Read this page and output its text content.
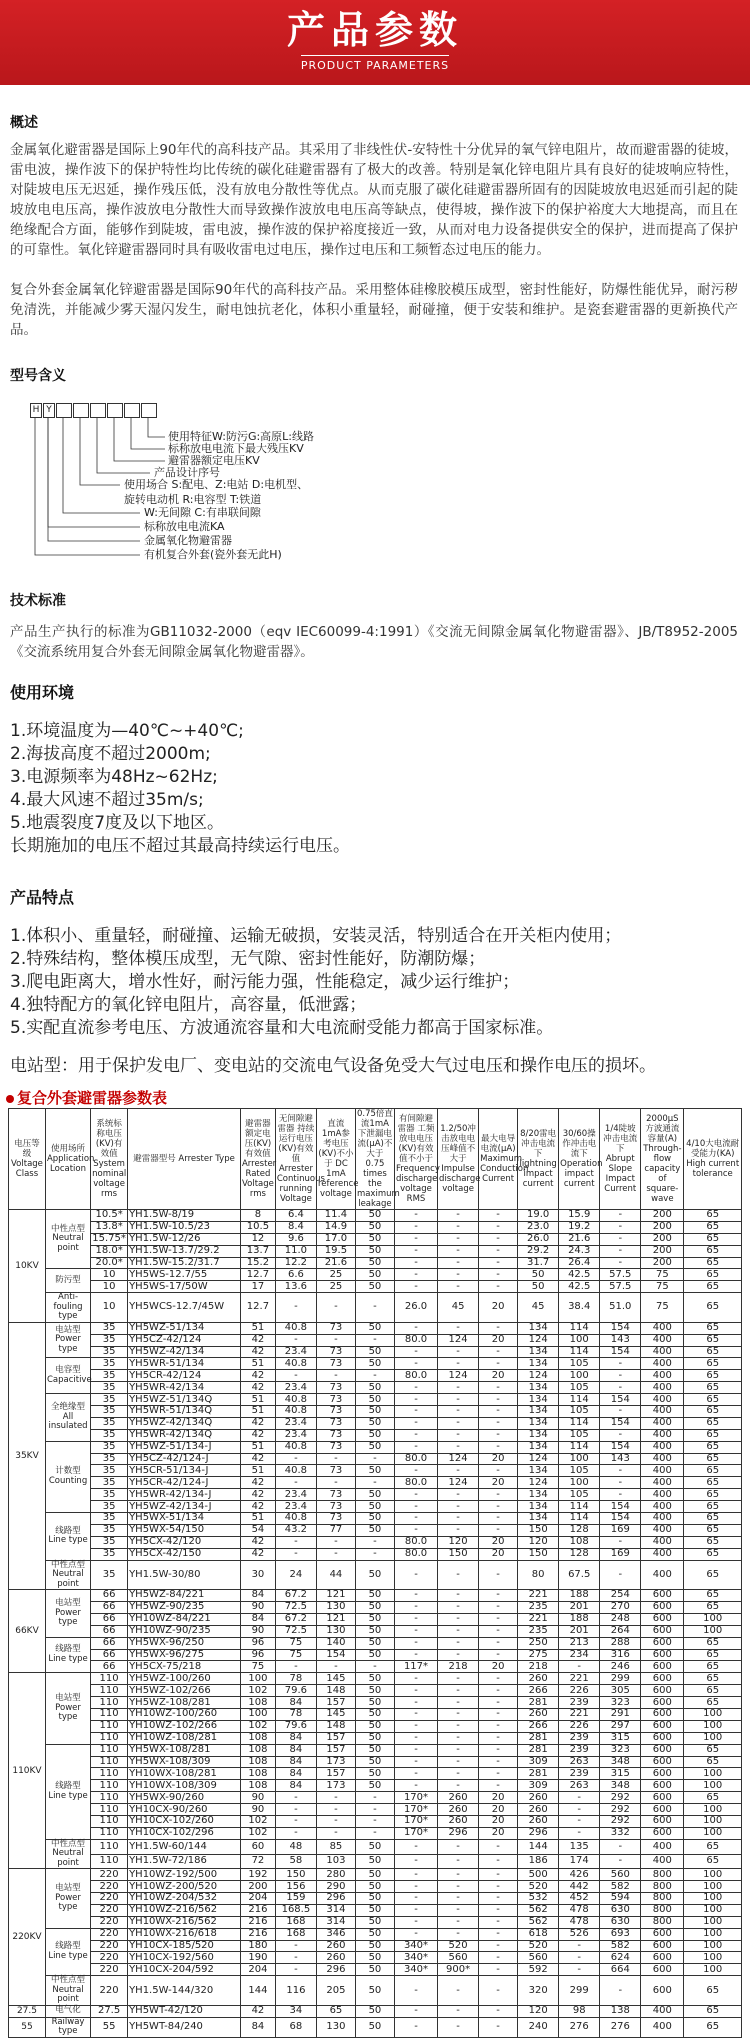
产品参数
PRODUCT PARAMETERS
概述
金属氧化避雷器是国际上90年代的高科技产品。其采用了非线性伏-安特性十分优异的氧气锌电阻片，故而避雷器的徒坡，雷电波，操作波下的保护特性均比传统的碳化硅避雷器有了极大的改善。特别是氧化锌电阻片具有良好的徒坡响应特性，对陡坡电压无迟延，操作残压低，没有放电分散性等优点。从而克服了碳化硅避雷器所固有的因陡坡放电迟延而引起的陡坡放电电压高，操作波放电分散性大而导致操作波放电电压高等缺点，使得坡，操作波下的保护裕度大大地提高，而且在绝缘配合方面，能够作到陡坡，雷电波，操作波的保护裕度接近一致，从而对电力设备提供安全的保护，进而提高了保护的可靠性。氧化锌避雷器同时具有吸收雷电过电压，操作过电压和工频暂态过电压的能力。
复合外套金属氧化锌避雷器是国际90年代的高科技产品。采用整体硅橡胶模压成型，密封性能好，防爆性能优异，耐污秽免清洗，并能减少雾天湿闪发生，耐电蚀抗老化，体积小重量轻，耐碰撞，便于安装和维护。是瓷套避雷器的更新换代产品。
型号含义
H Y
使用特征W:防污G:高原L:线路
标称放电电流下最大残压KV
避雷器额定电压KV
产品设计序号
使用场合 S:配电、Z:电站 D:电机型、
旋转电动机 R:电容型 T:铁道
W:无间隙 C:有串联间隙
标称放电电流KA
金属氧化物避雷器
有机复合外套(瓷外套无此H)
技术标准
产品生产执行的标准为GB11032-2000（eqv IEC60099-4:1991）《交流无间隙金属氧化物避雷器》、JB/T8952-2005《交流系统用复合外套无间隙金属氧化物避雷器》。
使用环境
1.环境温度为—40℃~+40℃;
2.海拔高度不超过2000m;
3.电源频率为48Hz~62Hz;
4.最大风速不超过35m/s;
5.地震裂度7度及以下地区。
长期施加的电压不超过其最高持续运行电压。
产品特点
1.体积小、重量轻，耐碰撞、运输无破损，安装灵活，特别适合在开关柜内使用；
2.特殊结构，整体模压成型，无气隙、密封性能好，防潮防爆；
3.爬电距离大，增水性好，耐污能力强，性能稳定，减少运行维护；
4.独特配方的氧化锌电阻片，高容量，低泄露；
5.实配直流参考电压、方波通流容量和大电流耐受能力都高于国家标准。
电站型：用于保护发电厂、变电站的交流电气设备免受大气过电压和操作电压的损坏。
复合外套避雷器参数表
电压等级 Voltage Class	使用场所 Application Location	系统标称电压(KV)有效值 System nominal voltage rms	避雷器型号 Arrester Type	避雷器额定电压(KV)有效值 Arrester Rated Voltage rms	无间隙避雷器 持续运行电压(KV)有效值 Arrester Continuous running Voltage	直流1mA参考电压(KV)不小于 DC 1mA reference voltage	0.75倍直流1mA下泄漏电流(μA)不大于 0.75 times the maximum leakage	有间隙避雷器 工频放电电压(KV)有效值不小于 Frequency discharge voltage RMS	1.2/50冲击放电电压峰值不大于 Impulse discharge voltage	最大电导电流(μA) Maximum Conduction Current	8/20雷电冲击电流下 lightning impact current	30/60操作冲击电流下 Operation impact current	1/4陡坡冲击电流下 Abrupt Slope Impact Current	2000μS方波通流容量(A) Through-flow capacity of square-wave	4/10大电流耐受能力(KA) High current tolerance
10KV	中性点型 Neutral point	10.5*	YH1.5W-8/19	8	6.4	11.4	50	-	-	-	19.0	15.9	-	200	65
		13.8*	YH1.5W-10.5/23	10.5	8.4	14.9	50	-	-	-	23.0	19.2	-	200	65
		15.75*	YH1.5W-12/26	12	9.6	17.0	50	-	-	-	26.0	21.6	-	200	65
		18.0*	YH1.5W-13.7/29.2	13.7	11.0	19.5	50	-	-	-	29.2	24.3	-	200	65
		20.0*	YH1.5W-15.2/31.7	15.2	12.2	21.6	50	-	-	-	31.7	26.4	-	200	65
	防污型	10	YH5WS-12.7/55	12.7	6.6	25	50	-	-	-	50	42.5	57.5	75	65
		10	YH5WS-17/50W	17	13.6	25	50	-	-	-	50	42.5	57.5	75	65
	Anti-fouling type	10	YH5WCS-12.7/45W	12.7	-	-	-	26.0	45	20	45	38.4	51.0	75	65
35KV	电站型 Power type	35	YH5WZ-51/134	51	40.8	73	50	-	-	-	134	114	154	400	65
		35	YH5CZ-42/124	42	-	-	-	80.0	124	20	124	100	143	400	65
		35	YH5WZ-42/134	42	23.4	73	50	-	-	-	134	114	154	400	65
	电容型 Capacitive	35	YH5WR-51/134	51	40.8	73	50	-	-	-	134	105	-	400	65
		35	YH5CR-42/124	42	-	-	-	80.0	124	20	124	100	-	400	65
		35	YH5WR-42/134	42	23.4	73	50	-	-	-	134	105	-	400	65
	全绝缘型 All insulated	35	YH5WZ-51/134Q	51	40.8	73	50	-	-	-	134	114	154	400	65
		35	YH5WR-51/134Q	51	40.8	73	50	-	-	-	134	105	-	400	65
		35	YH5WZ-42/134Q	42	23.4	73	50	-	-	-	134	114	154	400	65
		35	YH5WR-42/134Q	42	23.4	73	50	-	-	-	134	105	-	400	65
	计数型 Counting	35	YH5WZ-51/134-J	51	40.8	73	50	-	-	-	134	114	154	400	65
		35	YH5CZ-42/124-J	42	-	-	-	80.0	124	20	124	100	143	400	65
		35	YH5CR-51/134-J	51	40.8	73	50	-	-	-	134	105	-	400	65
		35	YH5CR-42/124-J	42	-	-	-	80.0	124	20	124	100	-	400	65
		35	YH5WR-42/134-J	42	23.4	73	50	-	-	-	134	105	-	400	65
		35	YH5WZ-42/134-J	42	23.4	73	50	-	-	-	134	114	154	400	65
	线路型 Line type	35	YH5WX-51/134	51	40.8	73	50	-	-	-	134	114	154	400	65
		35	YH5WX-54/150	54	43.2	77	50	-	-	-	150	128	169	400	65
		35	YH5CX-42/120	42	-	-	-	80.0	120	20	120	108	-	400	65
		35	YH5CX-42/150	42	-	-	-	80.0	150	20	150	128	169	400	65
	中性点型 Neutral point	35	YH1.5W-30/80	30	24	44	50	-	-	-	80	67.5	-	400	65
66KV	电站型 Power type	66	YH5WZ-84/221	84	67.2	121	50	-	-	-	221	188	254	600	65
		66	YH5WZ-90/235	90	72.5	130	50	-	-	-	235	201	270	600	65
		66	YH10WZ-84/221	84	67.2	121	50	-	-	-	221	188	248	600	100
		66	YH10WZ-90/235	90	72.5	130	50	-	-	-	235	201	264	600	100
	线路型 Line type	66	YH5WX-96/250	96	75	140	50	-	-	-	250	213	288	600	65
		66	YH5WX-96/275	96	75	154	50	-	-	-	275	234	316	600	65
		66	YH5CX-75/218	75	-	-	-	117*	218	20	218	-	246	600	65
110KV	电站型 Power type	110	YH5WZ-100/260	100	78	145	50	-	-	-	260	221	299	600	65
		110	YH5WZ-102/266	102	79.6	148	50	-	-	-	266	226	305	600	65
		110	YH5WZ-108/281	108	84	157	50	-	-	-	281	239	323	600	65
		110	YH10WZ-100/260	100	78	145	50	-	-	-	260	221	291	600	100
		110	YH10WZ-102/266	102	79.6	148	50	-	-	-	266	226	297	600	100
		110	YH10WZ-108/281	108	84	157	50	-	-	-	281	239	315	600	100
	线路型 Line type	110	YH5WX-108/281	108	84	157	50	-	-	-	281	239	323	600	65
		110	YH5WX-108/309	108	84	173	50	-	-	-	309	263	348	600	65
		110	YH10WX-108/281	108	84	157	50	-	-	-	281	239	315	600	100
		110	YH10WX-108/309	108	84	173	50	-	-	-	309	263	348	600	100
		110	YH5WX-90/260	90	-	-	-	170*	260	20	260	-	292	600	65
		110	YH10CX-90/260	90	-	-	-	170*	260	20	260	-	292	600	100
		110	YH10CX-102/260	102	-	-	-	170*	260	20	260	-	292	600	100
		110	YH10CX-102/296	102	-	-	-	170*	296	20	296	-	332	600	100
	中性点型 Neutral point	110	YH1.5W-60/144	60	48	85	50	-	-	-	144	135	-	400	65
		110	YH1.5W-72/186	72	58	103	50	-	-	-	186	174	-	400	65
220KV	电站型 Power type	220	YH10WZ-192/500	192	150	280	50	-	-	-	500	426	560	800	100
		220	YH10WZ-200/520	200	156	290	50	-	-	-	520	442	582	800	100
		220	YH10WZ-204/532	204	159	296	50	-	-	-	532	452	594	800	100
		220	YH10WZ-216/562	216	168.5	314	50	-	-	-	562	478	630	800	100
		220	YH10WX-216/562	216	168	314	50	-	-	-	562	478	630	800	100
	线路型 Line type	220	YH10WX-216/618	216	168	346	50	-	-	-	618	526	693	600	100
		220	YH10CX-185/520	180	-	260	50	340*	520	-	520	-	582	600	100
		220	YH10CX-192/560	190	-	260	50	340*	560	-	560	-	624	600	100
		220	YH10CX-204/592	204	-	296	50	340*	900*	-	592	-	664	600	100
	中性点型 Neutral point	220	YH1.5W-144/320	144	116	205	50	-	-	-	320	299	-	600	65
27.5	电气化	27.5	YH5WT-42/120	42	34	65	50	-	-	-	120	98	138	400	65
55	Railway type	55	YH5WT-84/240	84	68	130	50	-	-	-	240	276	276	400	65
